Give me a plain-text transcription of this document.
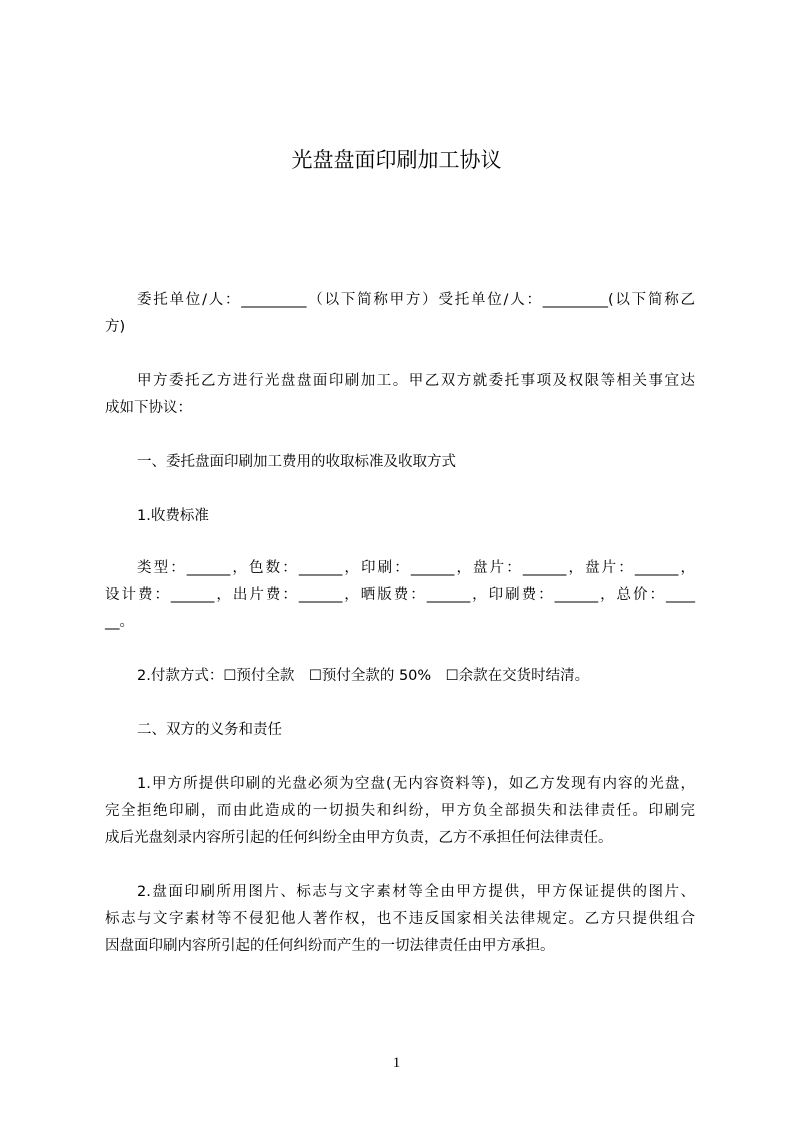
光盘盘面印刷加工协议
委托单位/人：_________（以下简称甲方）受托单位/人：_________(以下简称乙
方)
甲方委托乙方进行光盘盘面印刷加工。甲乙双方就委托事项及权限等相关事宜达
成如下协议：
一、委托盘面印刷加工费用的收取标准及收取方式
1.收费标准
类型：______，色数：______，印刷：______，盘片：______，盘片：______，
设计费：______，出片费：______，晒版费：______，印刷费：______，总价：____
__。
2.付款方式：☐预付全款　☐预付全款的 50%　☐余款在交货时结清。
二、双方的义务和责任
1.甲方所提供印刷的光盘必须为空盘(无内容资料等)，如乙方发现有内容的光盘，
完全拒绝印刷，而由此造成的一切损失和纠纷，甲方负全部损失和法律责任。印刷完
成后光盘刻录内容所引起的任何纠纷全由甲方负责，乙方不承担任何法律责任。
2.盘面印刷所用图片、标志与文字素材等全由甲方提供，甲方保证提供的图片、
标志与文字素材等不侵犯他人著作权，也不违反国家相关法律规定。乙方只提供组合
因盘面印刷内容所引起的任何纠纷而产生的一切法律责任由甲方承担。
1
